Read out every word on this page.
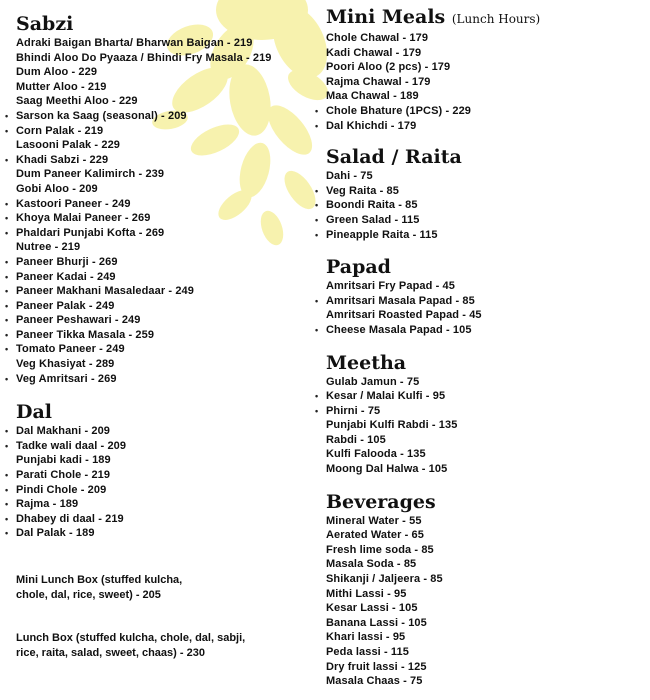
Sabzi
Adraki Baigan Bharta/ Bharwan Baigan - 219
Bhindi Aloo Do Pyaaza / Bhindi Fry Masala - 219
Dum Aloo - 229
Mutter Aloo - 219
Saag Meethi Aloo - 229
• Sarson ka Saag (seasonal) - 209
• Corn Palak - 219
Lasooni Palak - 229
• Khadi Sabzi - 229
Dum Paneer Kalimirch - 239
Gobi Aloo - 209
• Kastoori Paneer - 249
• Khoya Malai Paneer - 269
• Phaldari Punjabi Kofta - 269
Nutree - 219
• Paneer Bhurji - 269
• Paneer Kadai - 249
• Paneer Makhani Masaledaar - 249
• Paneer Palak - 249
• Paneer Peshawari - 249
• Paneer Tikka Masala - 259
• Tomato Paneer - 249
Veg Khasiyat - 289
• Veg Amritsari - 269
Dal
• Dal Makhani - 209
• Tadke wali daal - 209
Punjabi kadi - 189
• Parati Chole - 219
• Pindi Chole - 209
• Rajma - 189
• Dhabey di daal - 219
• Dal Palak - 189
Mini Lunch Box (stuffed kulcha,
chole, dal, rice, sweet) - 205
Lunch Box (stuffed kulcha, chole, dal, sabji,
rice, raita, salad, sweet, chaas) - 230
Mini Meals (Lunch Hours)
Chole Chawal - 179
Kadi Chawal - 179
Poori Aloo (2 pcs) - 179
Rajma Chawal - 179
Maa Chawal - 189
• Chole Bhature (1PCS) - 229
• Dal Khichdi - 179
Salad / Raita
Dahi - 75
• Veg Raita - 85
• Boondi Raita - 85
• Green Salad - 115
• Pineapple Raita - 115
Papad
Amritsari Fry Papad - 45
• Amritsari Masala Papad - 85
Amritsari Roasted Papad - 45
• Cheese Masala Papad - 105
Meetha
Gulab Jamun - 75
• Kesar / Malai Kulfi - 95
• Phirni - 75
Punjabi Kulfi Rabdi - 135
Rabdi - 105
Kulfi Falooda - 135
Moong Dal Halwa - 105
Beverages
Mineral Water - 55
Aerated Water - 65
Fresh lime soda - 85
Masala Soda - 85
Shikanji / Jaljeera - 85
Mithi Lassi - 95
Kesar Lassi - 105
Banana Lassi - 105
Khari lassi - 95
Peda lassi - 115
Dry fruit lassi - 125
Masala Chaas - 75
